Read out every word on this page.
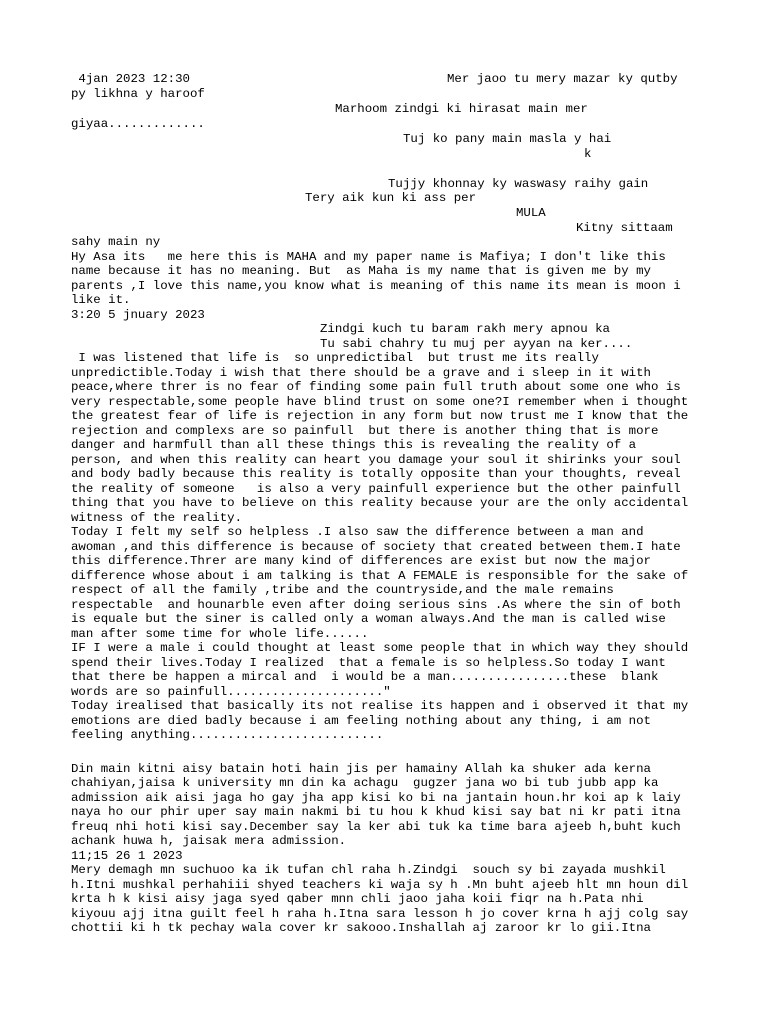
4jan 2023 12:30	Mer jaoo tu mery mazar ky qutby
py likhna y haroof
Marhoom zindgi ki hirasat main mer
giyaa.............
Tuj ko pany main masla y hai
k
Tujjy khonnay ky waswasy raihy gain
Tery aik kun ki ass per
MULA
Kitny sittaam
sahy main ny
Hy Asa its   me here this is MAHA and my paper name is Mafiya; I don't like this
name because it has no meaning. But  as Maha is my name that is given me by my
parents ,I love this name,you know what is meaning of this name its mean is moon i
like it.
3:20 5 jnuary 2023
Zindgi kuch tu baram rakh mery apnou ka
Tu sabi chahry tu muj per ayyan na ker....
I was listened that life is  so unpredictibal  but trust me its really
unpredictible.Today i wish that there should be a grave and i sleep in it with
peace,where threr is no fear of finding some pain full truth about some one who is
very respectable,some people have blind trust on some one?I remember when i thought
the greatest fear of life is rejection in any form but now trust me I know that the
rejection and complexs are so painfull  but there is another thing that is more
danger and harmfull than all these things this is revealing the reality of a
person, and when this reality can heart you damage your soul it shirinks your soul
and body badly because this reality is totally opposite than your thoughts, reveal
the reality of someone   is also a very painfull experience but the other painfull
thing that you have to believe on this reality because your are the only accidental
witness of the reality.
Today I felt my self so helpless .I also saw the difference between a man and
awoman ,and this difference is because of society that created between them.I hate
this difference.Threr are many kind of differences are exist but now the major
difference whose about i am talking is that A FEMALE is responsible for the sake of
respect of all the family ,tribe and the countryside,and the male remains
respectable  and hounarble even after doing serious sins .As where the sin of both
is equale but the siner is called only a woman always.And the man is called wise
man after some time for whole life......
IF I were a male i could thought at least some people that in which way they should
spend their lives.Today I realized  that a female is so helpless.So today I want
that there be happen a mircal and  i would be a man................these  blank
words are so painfull....................."
Today irealised that basically its not realise its happen and i observed it that my
emotions are died badly because i am feeling nothing about any thing, i am not
feeling anything..........................
Din main kitni aisy batain hoti hain jis per hamainy Allah ka shuker ada kerna
chahiyan,jaisa k university mn din ka achagu  gugzer jana wo bi tub jubb app ka
admission aik aisi jaga ho gay jha app kisi ko bi na jantain houn.hr koi ap k laiy
naya ho our phir uper say main nakmi bi tu hou k khud kisi say bat ni kr pati itna
freuq nhi hoti kisi say.December say la ker abi tuk ka time bara ajeeb h,buht kuch
achank huwa h, jaisak mera admission.
11;15 26 1 2023
Mery demagh mn suchuoo ka ik tufan chl raha h.Zindgi  souch sy bi zayada mushkil
h.Itni mushkal perhahiii shyed teachers ki waja sy h .Mn buht ajeeb hlt mn houn dil
krta h k kisi aisy jaga syed qaber mnn chli jaoo jaha koii fiqr na h.Pata nhi
kiyouu ajj itna guilt feel h raha h.Itna sara lesson h jo cover krna h ajj colg say
chottii ki h tk pechay wala cover kr sakooo.Inshallah aj zaroor kr lo gii.Itna
